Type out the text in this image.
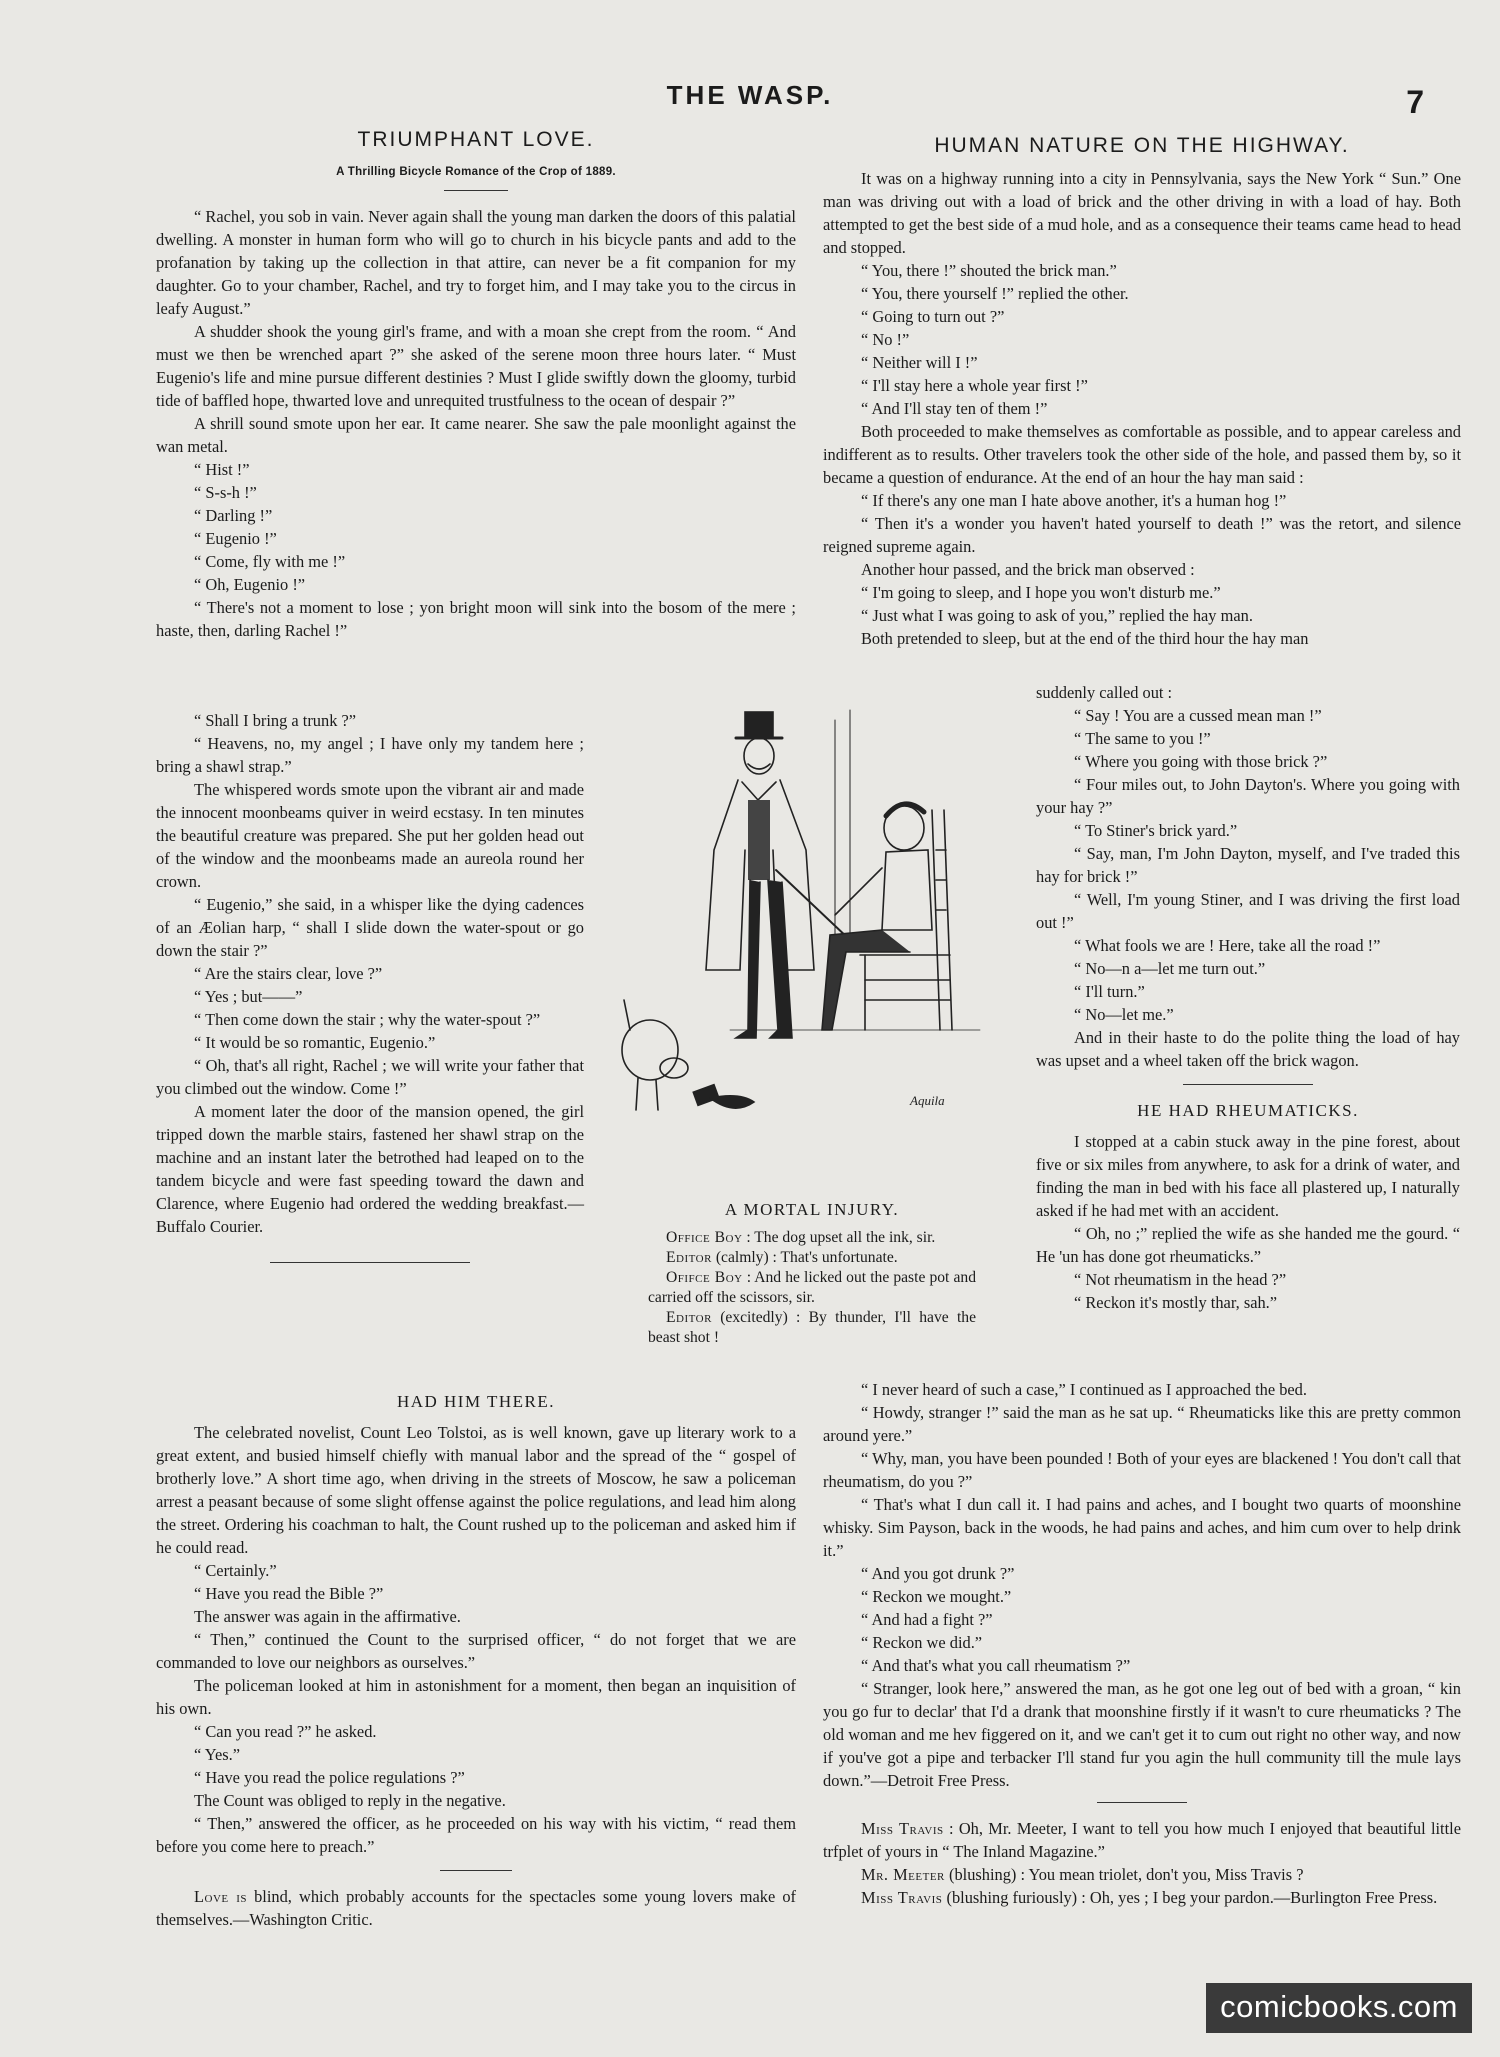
THE WASP.	7
TRIUMPHANT LOVE.
A Thrilling Bicycle Romance of the Crop of 1889.

“ Rachel, you sob in vain. Never again shall the young man darken the doors of this palatial dwelling. A monster in human form who will go to church in his bicycle pants and add to the profanation by taking up the collection in that attire, can never be a fit companion for my daughter. Go to your chamber, Rachel, and try to forget him, and I may take you to the circus in leafy August.”

A shudder shook the young girl's frame, and with a moan she crept from the room. “ And must we then be wrenched apart ?” she asked of the serene moon three hours later. “ Must Eugenio's life and mine pursue different destinies ? Must I glide swiftly down the gloomy, turbid tide of baffled hope, thwarted love and unrequited trustfulness to the ocean of despair ?”

A shrill sound smote upon her ear. It came nearer. She saw the pale moonlight against the wan metal.

“ Hist !”

“ S-s-h !”

“ Darling !”

“ Eugenio !”

“ Come, fly with me !”

“ Oh, Eugenio !”

“ There's not a moment to lose ; yon bright moon will sink into the bosom of the mere ; haste, then, darling Rachel !”

“ Shall I bring a trunk ?”

“ Heavens, no, my angel ; I have only my tandem here ; bring a shawl strap.”

The whispered words smote upon the vibrant air and made the innocent moonbeams quiver in weird ecstasy. In ten minutes the beautiful creature was prepared. She put her golden head out of the window and the moonbeams made an aureola round her crown.

“ Eugenio,” she said, in a whisper like the dying cadences of an Æolian harp, “ shall I slide down the water-spout or go down the stair ?”

“ Are the stairs clear, love ?”

“ Yes ; but——”

“ Then come down the stair ; why the water-spout ?”

“ It would be so romantic, Eugenio.”

“ Oh, that's all right, Rachel ; we will write your father that you climbed out the window. Come !”

A moment later the door of the mansion opened, the girl tripped down the marble stairs, fastened her shawl strap on the machine and an instant later the betrothed had leaped on to the tandem bicycle and were fast speeding toward the dawn and Clarence, where Eugenio had ordered the wedding breakfast.—Buffalo Courier.

Aquila
A MORTAL INJURY.

Office Boy : The dog upset all the ink, sir.

Editor (calmly) : That's unfortunate.

Ofifce Boy : And he licked out the paste pot and carried off the scissors, sir.

Editor (excitedly) : By thunder, I'll have the beast shot !

HAD HIM THERE.

The celebrated novelist, Count Leo Tolstoi, as is well known, gave up literary work to a great extent, and busied himself chiefly with manual labor and the spread of the “ gospel of brotherly love.” A short time ago, when driving in the streets of Moscow, he saw a policeman arrest a peasant because of some slight offense against the police regulations, and lead him along the street. Ordering his coachman to halt, the Count rushed up to the policeman and asked him if he could read.

“ Certainly.”

“ Have you read the Bible ?”

The answer was again in the affirmative.

“ Then,” continued the Count to the surprised officer, “ do not forget that we are commanded to love our neighbors as ourselves.”

The policeman looked at him in astonishment for a moment, then began an inquisition of his own.

“ Can you read ?” he asked.

“ Yes.”

“ Have you read the police regulations ?”

The Count was obliged to reply in the negative.

“ Then,” answered the officer, as he proceeded on his way with his victim, “ read them before you come here to preach.”

Love is blind, which probably accounts for the spectacles some young lovers make of themselves.—Washington Critic.

HUMAN NATURE ON THE HIGHWAY.

It was on a highway running into a city in Pennsylvania, says the New York “ Sun.” One man was driving out with a load of brick and the other driving in with a load of hay. Both attempted to get the best side of a mud hole, and as a consequence their teams came head to head and stopped.

“ You, there !” shouted the brick man.”

“ You, there yourself !” replied the other.

“ Going to turn out ?”

“ No !”

“ Neither will I !”

“ I'll stay here a whole year first !”

“ And I'll stay ten of them !”

Both proceeded to make themselves as comfortable as possible, and to appear careless and indifferent as to results. Other travelers took the other side of the hole, and passed them by, so it became a question of endurance. At the end of an hour the hay man said :

“ If there's any one man I hate above another, it's a human hog !”

“ Then it's a wonder you haven't hated yourself to death !” was the retort, and silence reigned supreme again.

Another hour passed, and the brick man observed :

“ I'm going to sleep, and I hope you won't disturb me.”

“ Just what I was going to ask of you,” replied the hay man.

Both pretended to sleep, but at the end of the third hour the hay man

suddenly called out :

“ Say ! You are a cussed mean man !”

“ The same to you !”

“ Where you going with those brick ?”

“ Four miles out, to John Dayton's. Where you going with your hay ?”

“ To Stiner's brick yard.”

“ Say, man, I'm John Dayton, myself, and I've traded this hay for brick !”

“ Well, I'm young Stiner, and I was driving the first load out !”

“ What fools we are ! Here, take all the road !”

“ No—n a—let me turn out.”

“ I'll turn.”

“ No—let me.”

And in their haste to do the polite thing the load of hay was upset and a wheel taken off the brick wagon.

HE HAD RHEUMATICKS.

I stopped at a cabin stuck away in the pine forest, about five or six miles from anywhere, to ask for a drink of water, and finding the man in bed with his face all plastered up, I naturally asked if he had met with an accident.

“ Oh, no ;” replied the wife as she handed me the gourd. “ He 'un has done got rheumaticks.”

“ Not rheumatism in the head ?”

“ Reckon it's mostly thar, sah.”

“ I never heard of such a case,” I continued as I approached the bed.

“ Howdy, stranger !” said the man as he sat up. “ Rheumaticks like this are pretty common around yere.”

“ Why, man, you have been pounded ! Both of your eyes are blackened ! You don't call that rheumatism, do you ?”

“ That's what I dun call it. I had pains and aches, and I bought two quarts of moonshine whisky. Sim Payson, back in the woods, he had pains and aches, and him cum over to help drink it.”

“ And you got drunk ?”

“ Reckon we mought.”

“ And had a fight ?”

“ Reckon we did.”

“ And that's what you call rheumatism ?”

“ Stranger, look here,” answered the man, as he got one leg out of bed with a groan, “ kin you go fur to declar' that I'd a drank that moonshine firstly if it wasn't to cure rheumaticks ? The old woman and me hev figgered on it, and we can't get it to cum out right no other way, and now if you've got a pipe and terbacker I'll stand fur you agin the hull community till the mule lays down.”—Detroit Free Press.

Miss Travis : Oh, Mr. Meeter, I want to tell you how much I enjoyed that beautiful little trfplet of yours in “ The Inland Magazine.”

Mr. Meeter (blushing) : You mean triolet, don't you, Miss Travis ?

Miss Travis (blushing furiously) : Oh, yes ; I beg your pardon.—Burlington Free Press.

comicbooks.com
